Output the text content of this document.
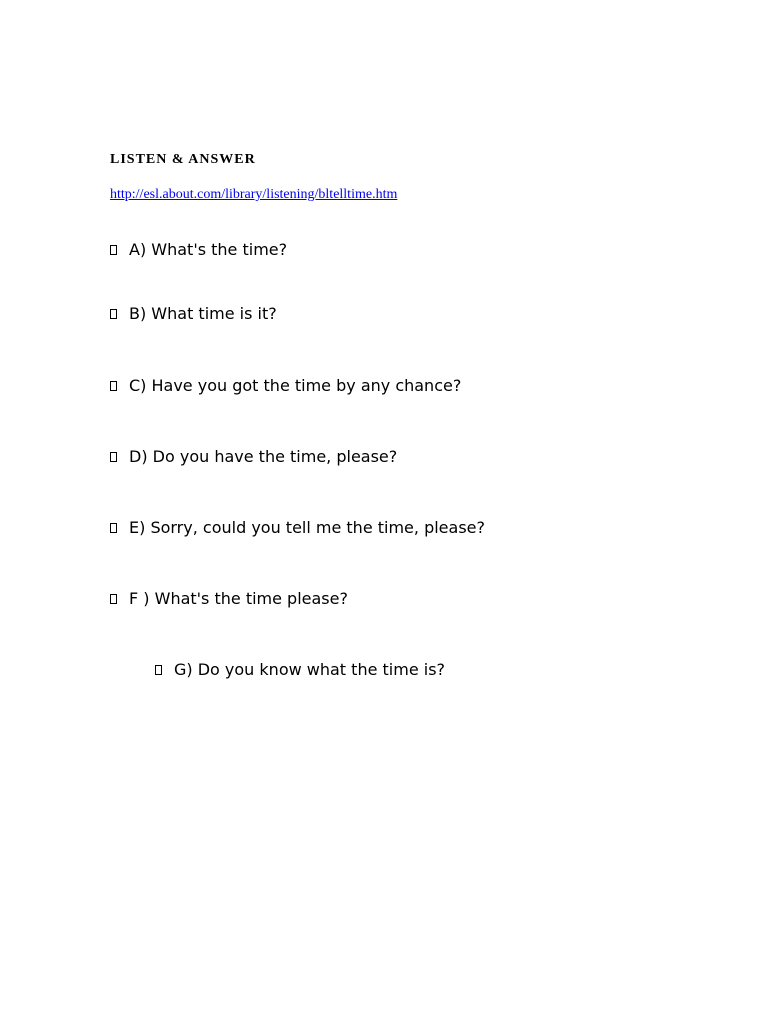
LISTEN & ANSWER
http://esl.about.com/library/listening/bltelltime.htm
A) What's the time?
B) What time is it?
C) Have you got the time by any chance?
D) Do you have the time, please?
E) Sorry, could you tell me the time, please?
F ) What's the time please?
G) Do you know what the time is?
